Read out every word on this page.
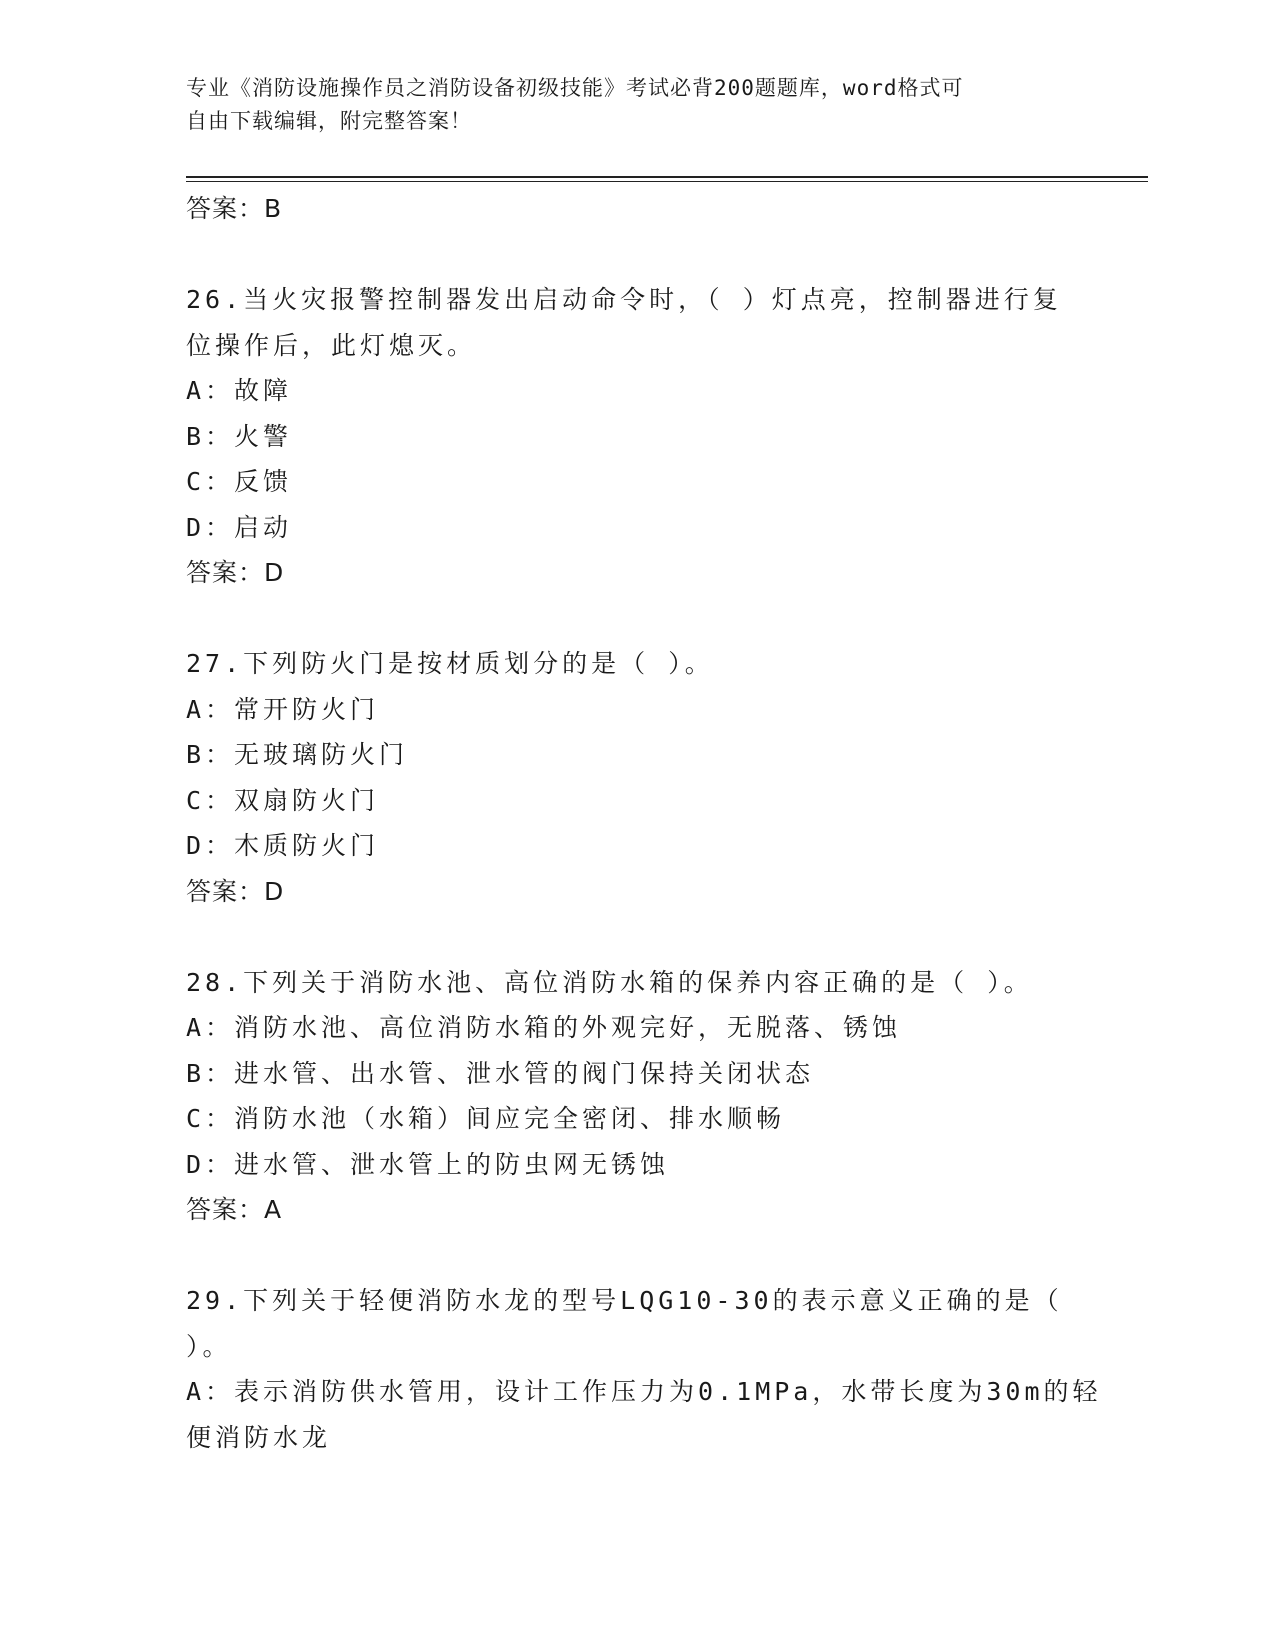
专业《消防设施操作员之消防设备初级技能》考试必背200题题库，word格式可
自由下载编辑，附完整答案！
答案：B
26.当火灾报警控制器发出启动命令时，（ ）灯点亮，控制器进行复
位操作后，此灯熄灭。
A：故障
B：火警
C：反馈
D：启动
答案：D
27.下列防火门是按材质划分的是（ ）。
A：常开防火门
B：无玻璃防火门
C：双扇防火门
D：木质防火门
答案：D
28.下列关于消防水池、高位消防水箱的保养内容正确的是（ ）。
A：消防水池、高位消防水箱的外观完好，无脱落、锈蚀
B：进水管、出水管、泄水管的阀门保持关闭状态
C：消防水池（水箱）间应完全密闭、排水顺畅
D：进水管、泄水管上的防虫网无锈蚀
答案：A
29.下列关于轻便消防水龙的型号LQG10-30的表示意义正确的是（
）。
A：表示消防供水管用，设计工作压力为0.1MPa，水带长度为30m的轻
便消防水龙
